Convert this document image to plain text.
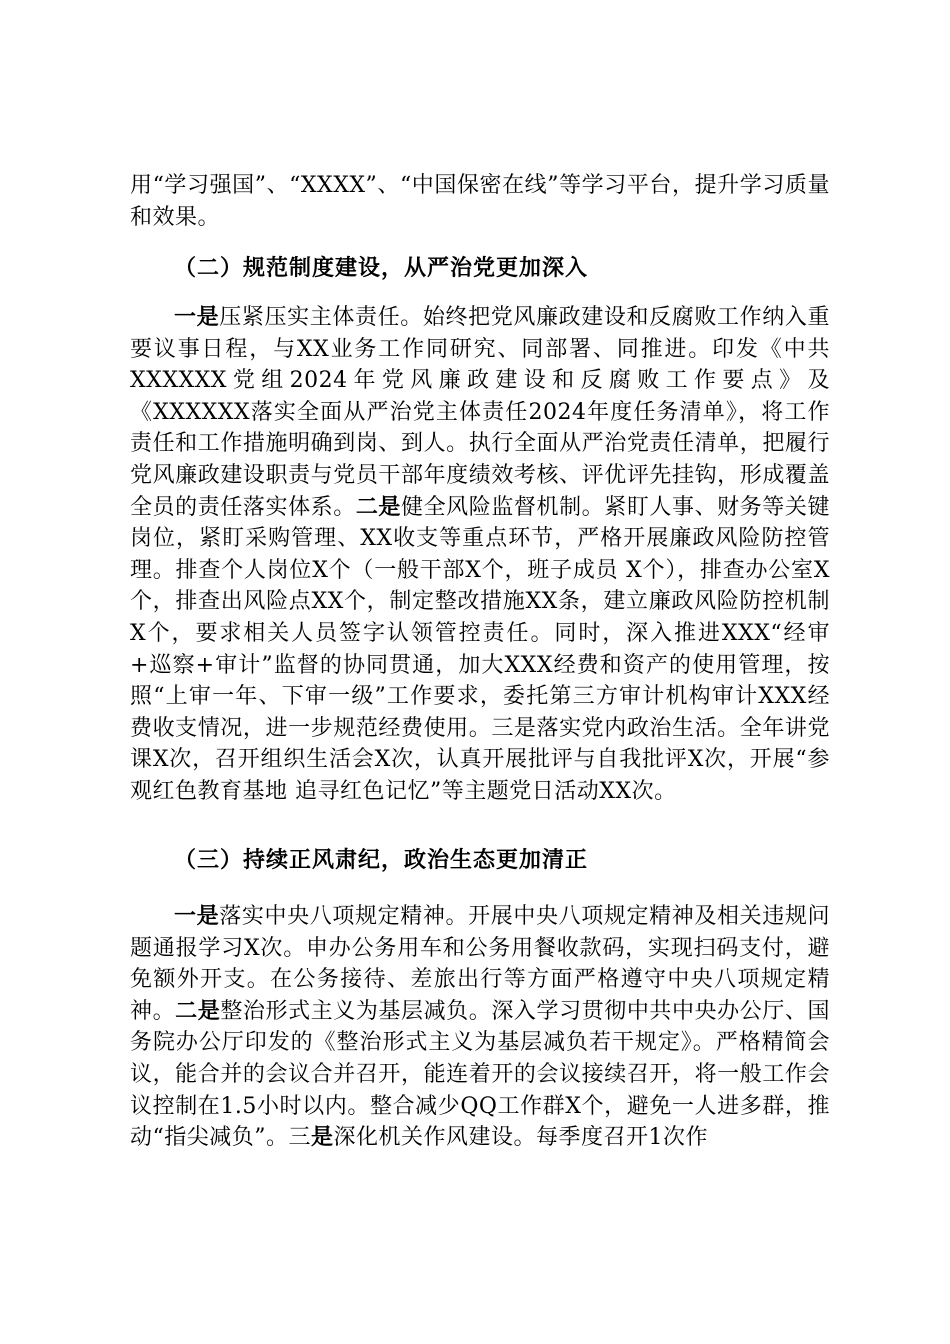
用“学习强国”、“XXXX”、“中国保密在线”等学习平台，提升学习质量和效果。

（二）规范制度建设，从严治党更加深入

一是压紧压实主体责任。始终把党风廉政建设和反腐败工作纳入重要议事日程，与XX业务工作同研究、同部署、同推进。印发《中共XXXXXX党组2024年党风廉政建设和反腐败工作要点》及《XXXXXX落实全面从严治党主体责任2024年度任务清单》，将工作责任和工作措施明确到岗、到人。执行全面从严治党责任清单，把履行党风廉政建设职责与党员干部年度绩效考核、评优评先挂钩，形成覆盖全员的责任落实体系。二是健全风险监督机制。紧盯人事、财务等关键岗位，紧盯采购管理、XX收支等重点环节，严格开展廉政风险防控管理。排查个人岗位X个（一般干部X个，班子成员 X个），排查办公室X个，排查出风险点XX个，制定整改措施XX条，建立廉政风险防控机制X个，要求相关人员签字认领管控责任。同时，深入推进XXX“经审+巡察+审计”监督的协同贯通，加大XXX经费和资产的使用管理，按照“上审一年、下审一级”工作要求，委托第三方审计机构审计XXX经费收支情况，进一步规范经费使用。三是落实党内政治生活。全年讲党课X次，召开组织生活会X次，认真开展批评与自我批评X次，开展“参观红色教育基地 追寻红色记忆”等主题党日活动XX次。

（三）持续正风肃纪，政治生态更加清正

一是落实中央八项规定精神。开展中央八项规定精神及相关违规问题通报学习X次。申办公务用车和公务用餐收款码，实现扫码支付，避免额外开支。在公务接待、差旅出行等方面严格遵守中央八项规定精神。二是整治形式主义为基层减负。深入学习贯彻中共中央办公厅、国务院办公厅印发的《整治形式主义为基层减负若干规定》。严格精简会议，能合并的会议合并召开，能连着开的会议接续召开，将一般工作会议控制在1.5小时以内。整合减少QQ工作群X个，避免一人进多群，推动“指尖减负”。三是深化机关作风建设。每季度召开1次作
